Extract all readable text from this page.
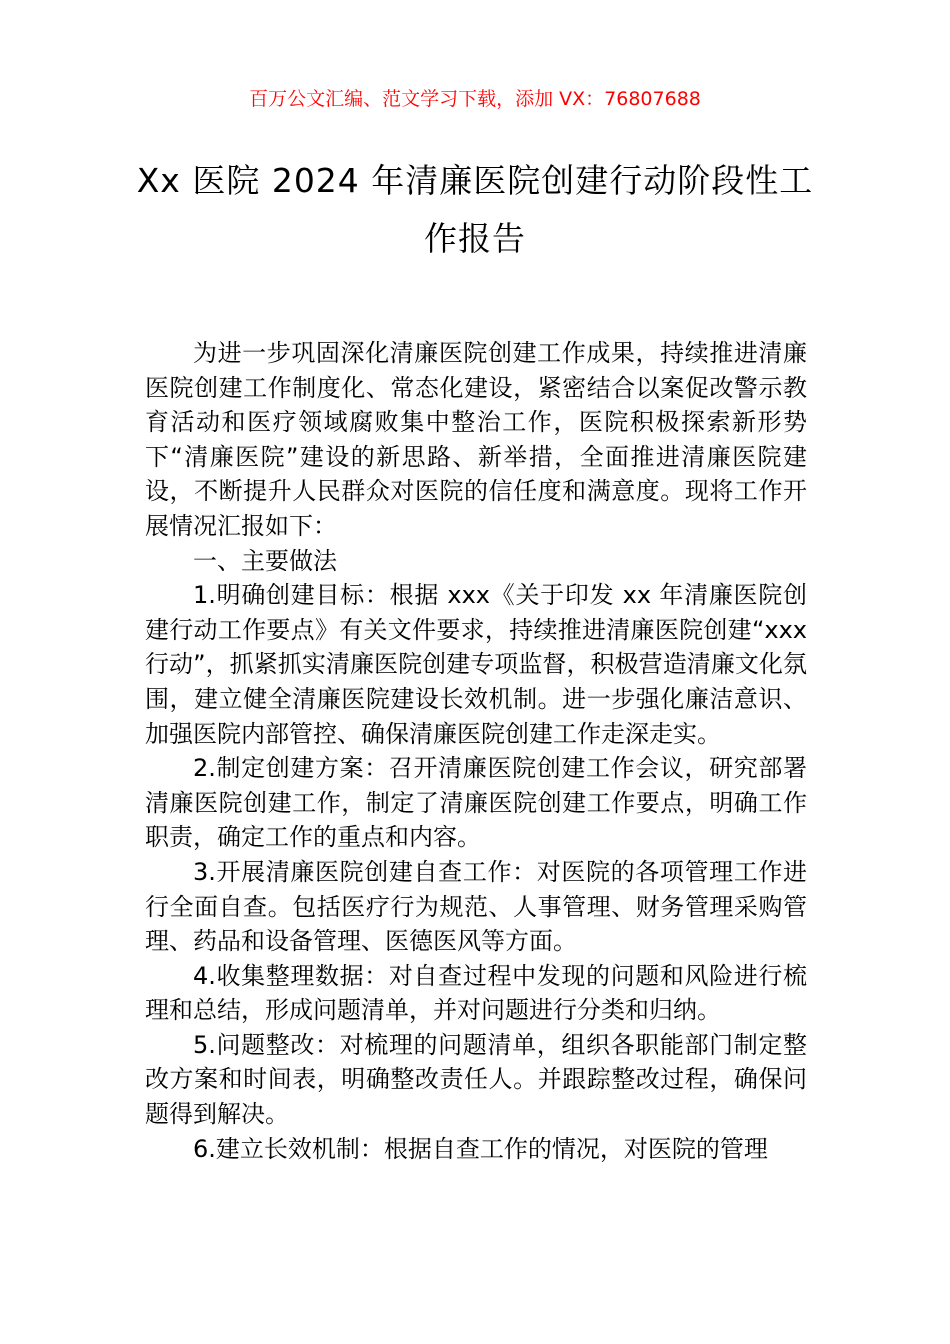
百万公文汇编、范文学习下载，添加 VX：76807688
Xx 医院 2024 年清廉医院创建行动阶段性工作报告

为进一步巩固深化清廉医院创建工作成果，持续推进清廉医院创建工作制度化、常态化建设，紧密结合以案促改警示教育活动和医疗领域腐败集中整治工作，医院积极探索新形势下“清廉医院”建设的新思路、新举措，全面推进清廉医院建设，不断提升人民群众对医院的信任度和满意度。现将工作开展情况汇报如下：

一、主要做法

1.明确创建目标：根据 xxx《关于印发 xx 年清廉医院创建行动工作要点》有关文件要求，持续推进清廉医院创建“xxx 行动”，抓紧抓实清廉医院创建专项监督，积极营造清廉文化氛围，建立健全清廉医院建设长效机制。进一步强化廉洁意识、加强医院内部管控、确保清廉医院创建工作走深走实。

2.制定创建方案：召开清廉医院创建工作会议，研究部署清廉医院创建工作，制定了清廉医院创建工作要点，明确工作职责，确定工作的重点和内容。

3.开展清廉医院创建自查工作：对医院的各项管理工作进行全面自查。包括医疗行为规范、人事管理、财务管理采购管理、药品和设备管理、医德医风等方面。

4.收集整理数据：对自查过程中发现的问题和风险进行梳理和总结，形成问题清单，并对问题进行分类和归纳。

5.问题整改：对梳理的问题清单，组织各职能部门制定整改方案和时间表，明确整改责任人。并跟踪整改过程，确保问题得到解决。

6.建立长效机制：根据自查工作的情况，对医院的管理
